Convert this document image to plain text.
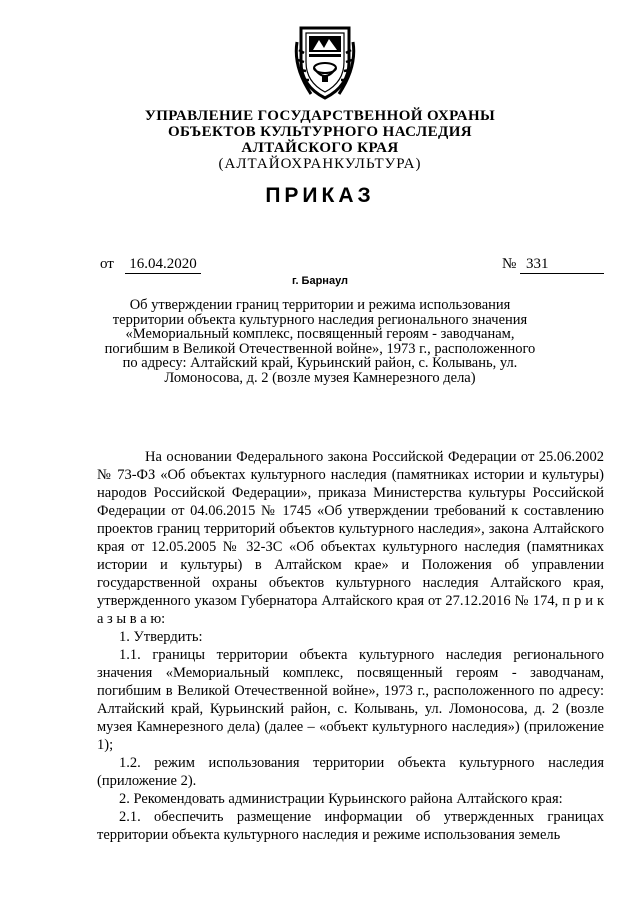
УПРАВЛЕНИЕ ГОСУДАРСТВЕННОЙ ОХРАНЫ
ОБЪЕКТОВ КУЛЬТУРНОГО НАСЛЕДИЯ
АЛТАЙСКОГО КРАЯ
(АЛТАЙОХРАНКУЛЬТУРА)
ПРИКАЗ
от 16.04.2020	№ 331
г. Барнаул
Об утверждении границ территории и режима использования территории объекта культурного наследия регионального значения «Мемориальный комплекс, посвященный героям - заводчанам, погибшим в Великой Отечественной войне», 1973 г., расположенного по адресу: Алтайский край, Курьинский район, с. Колывань, ул. Ломоносова, д. 2 (возле музея Камнерезного дела)

На основании Федерального закона Российской Федерации от 25.06.2002 № 73-ФЗ «Об объектах культурного наследия (памятниках истории и культуры) народов Российской Федерации», приказа Министерства культуры Российской Федерации от 04.06.2015 № 1745 «Об утверждении требований к составлению проектов границ территорий объектов культурного наследия», закона Алтайского края от 12.05.2005 № 32-ЗС «Об объектах культурного наследия (памятниках истории и культуры) в Алтайском крае» и Положения об управлении государственной охраны объектов культурного наследия Алтайского края, утвержденного указом Губернатора Алтайского края от 27.12.2016 № 174, п р и к а з ы в а ю:

1. Утвердить:

1.1. границы территории объекта культурного наследия регионального значения «Мемориальный комплекс, посвященный героям - заводчанам, погибшим в Великой Отечественной войне», 1973 г., расположенного по адресу: Алтайский край, Курьинский район, с. Колывань, ул. Ломоносова, д. 2 (возле музея Камнерезного дела) (далее – «объект культурного наследия») (приложение 1);

1.2. режим использования территории объекта культурного наследия (приложение 2).

2. Рекомендовать администрации Курьинского района Алтайского края:

2.1. обеспечить размещение информации об утвержденных границах территории объекта культурного наследия и режиме использования земель
